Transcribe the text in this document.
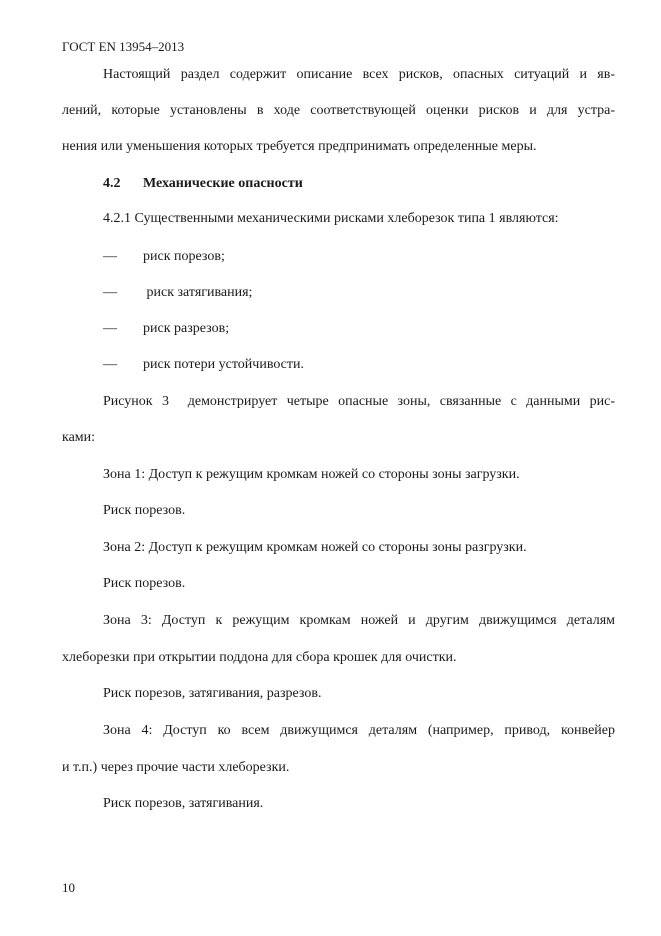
ГОСТ EN 13954–2013
Настоящий раздел содержит описание всех рисков, опасных ситуаций и яв-
лений, которые установлены в ходе соответствующей оценки рисков и для устра-
нения или уменьшения которых требуется предпринимать определенные меры.
4.2 Механические опасности
4.2.1 Существенными механическими рисками хлеборезок типа 1 являются:
— риск порезов;
— риск затягивания;
— риск разрезов;
— риск потери устойчивости.
Рисунок 3  демонстрирует четыре опасные зоны, связанные с данными рис-
ками:
Зона 1: Доступ к режущим кромкам ножей со стороны зоны загрузки.
Риск порезов.
Зона 2: Доступ к режущим кромкам ножей со стороны зоны разгрузки.
Риск порезов.
Зона 3: Доступ к режущим кромкам ножей и другим движущимся деталям
хлеборезки при открытии поддона для сбора крошек для очистки.
Риск порезов, затягивания, разрезов.
Зона 4: Доступ ко всем движущимся деталям (например, привод, конвейер
и т.п.) через прочие части хлеборезки.
Риск порезов, затягивания.
10
